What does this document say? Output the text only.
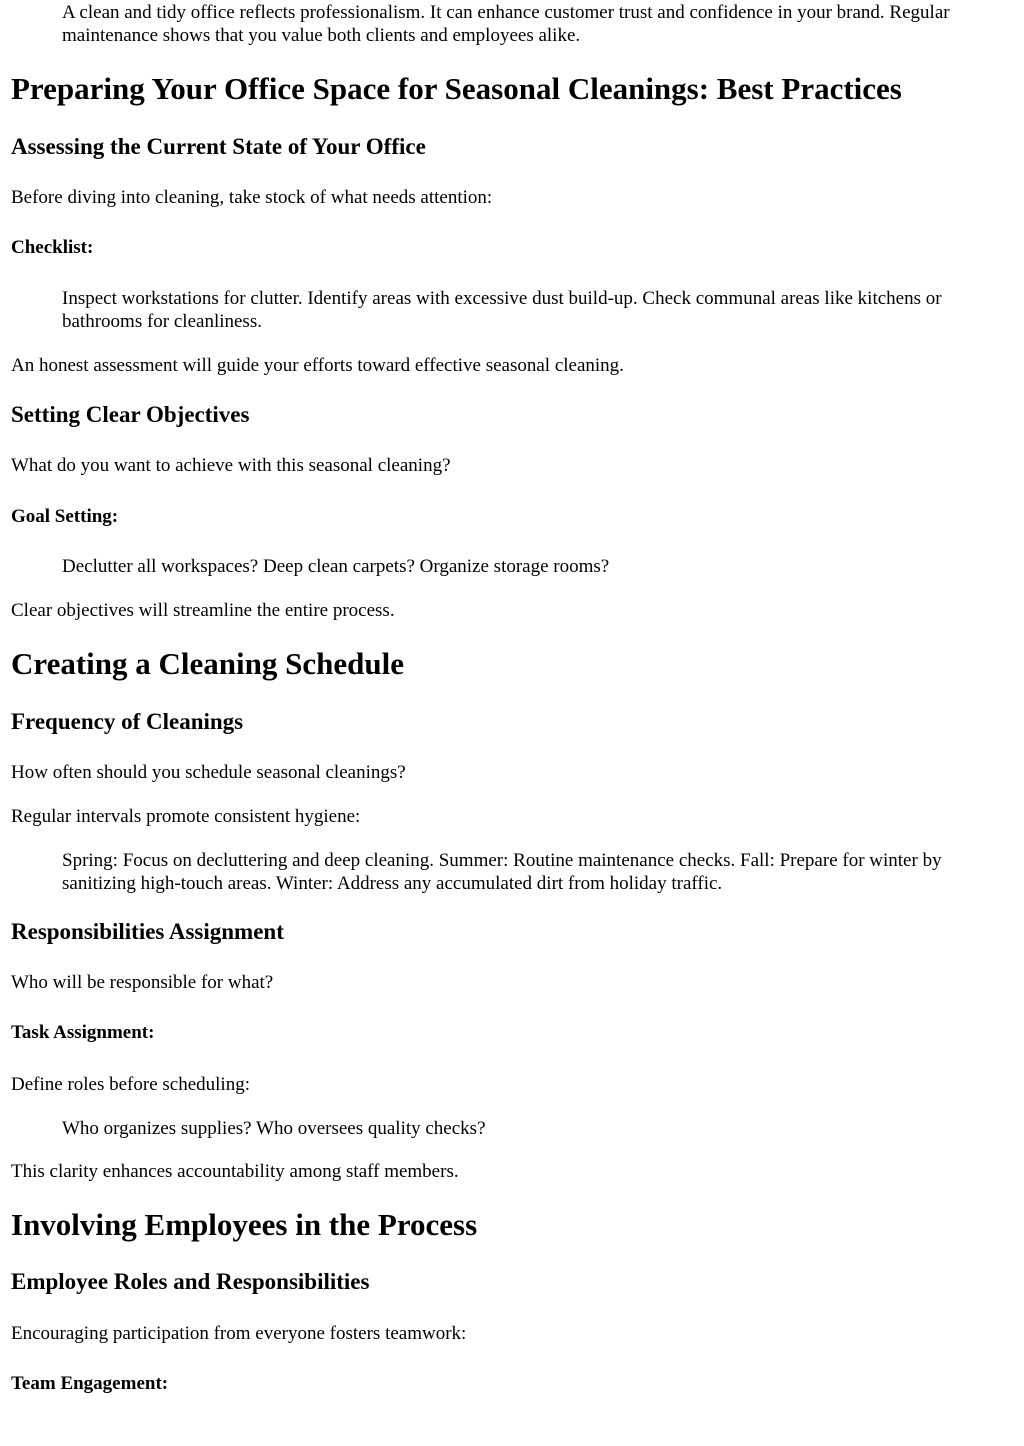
A clean and tidy office reflects professionalism. It can enhance customer trust and confidence in your brand. Regular maintenance shows that you value both clients and employees alike.
Preparing Your Office Space for Seasonal Cleanings: Best Practices
Assessing the Current State of Your Office

Before diving into cleaning, take stock of what needs attention:

Checklist:
Inspect workstations for clutter. Identify areas with excessive dust build-up. Check communal areas like kitchens or bathrooms for cleanliness.

An honest assessment will guide your efforts toward effective seasonal cleaning.

Setting Clear Objectives

What do you want to achieve with this seasonal cleaning?

Goal Setting:
Declutter all workspaces? Deep clean carpets? Organize storage rooms?

Clear objectives will streamline the entire process.

Creating a Cleaning Schedule
Frequency of Cleanings

How often should you schedule seasonal cleanings?

Regular intervals promote consistent hygiene:

Spring: Focus on decluttering and deep cleaning. Summer: Routine maintenance checks. Fall: Prepare for winter by sanitizing high-touch areas. Winter: Address any accumulated dirt from holiday traffic.
Responsibilities Assignment

Who will be responsible for what?

Task Assignment:

Define roles before scheduling:

Who organizes supplies? Who oversees quality checks?

This clarity enhances accountability among staff members.

Involving Employees in the Process
Employee Roles and Responsibilities

Encouraging participation from everyone fosters teamwork:

Team Engagement:
